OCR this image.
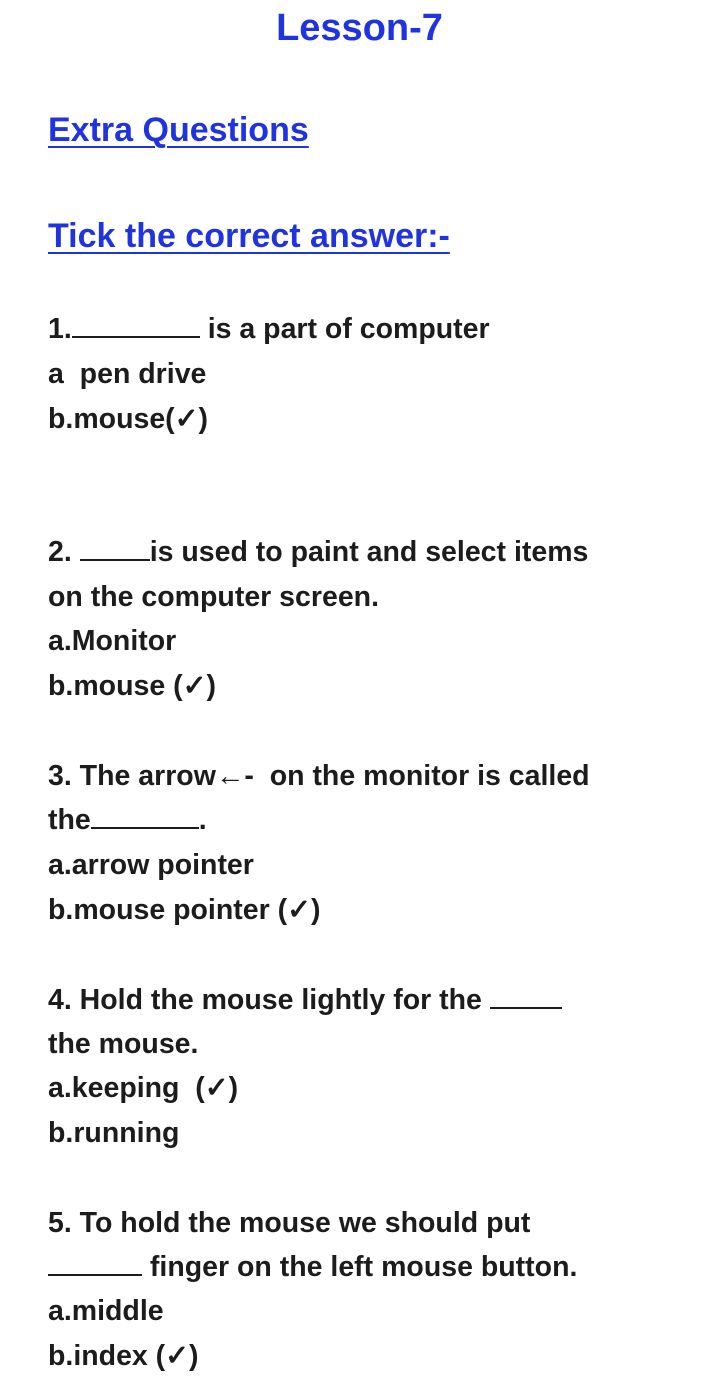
Lesson-7
Extra Questions
Tick the correct answer:-
1.	is a part of computer
a  pen drive
b.mouse(✓)
2. is used to paint and select items
on the computer screen.
a.Monitor
b.mouse (✓)
3. The arrow←-  on the monitor is called
the	.
a.arrow pointer
b.mouse pointer (✓)
4. Hold the mouse lightly for the
the mouse.
a.keeping  (✓)
b.running
5. To hold the mouse we should put
finger on the left mouse button.
a.middle
b.index (✓)
